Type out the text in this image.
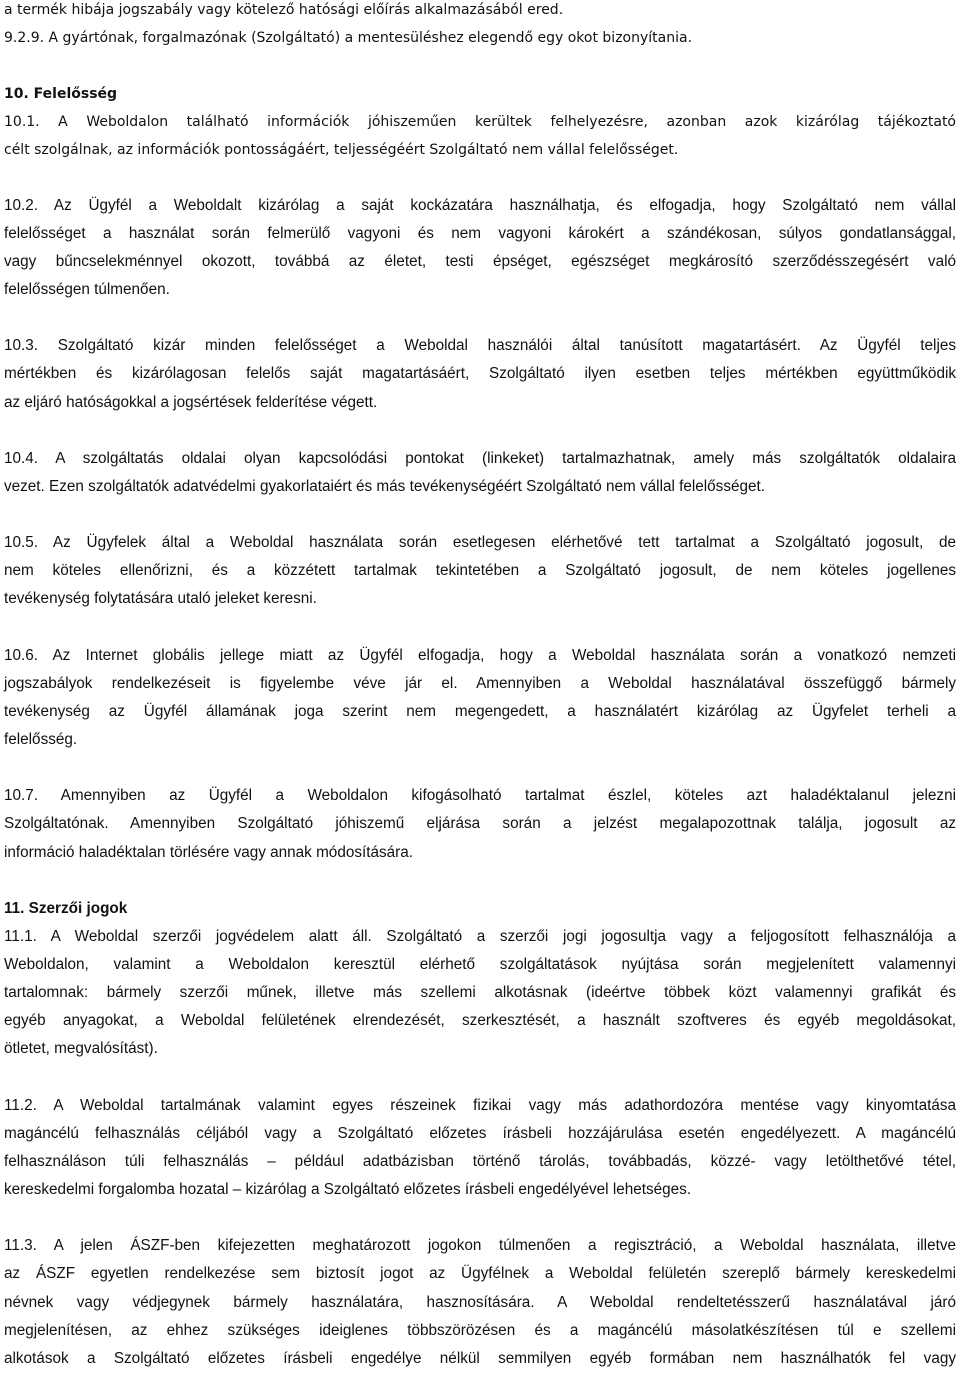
a termék hibája jogszabály vagy kötelező hatósági előírás alkalmazásából ered.
9.2.9. A gyártónak, forgalmazónak (Szolgáltató) a mentesüléshez elegendő egy okot bizonyítania.
10. Felelősség
10.1. A Weboldalon található információk jóhiszeműen kerültek felhelyezésre, azonban azok kizárólag tájékoztató
célt szolgálnak, az információk pontosságáért, teljességéért Szolgáltató nem vállal felelősséget.
10.2. Az Ügyfél a Weboldalt kizárólag a saját kockázatára használhatja, és elfogadja, hogy Szolgáltató nem vállal
felelősséget a használat során felmerülő vagyoni és nem vagyoni károkért a szándékosan, súlyos gondatlansággal,
vagy bűncselekménnyel okozott, továbbá az életet, testi épséget, egészséget megkárosító szerződésszegésért való
felelősségen túlmenően.
10.3. Szolgáltató kizár minden felelősséget a Weboldal használói által tanúsított magatartásért. Az Ügyfél teljes
mértékben és kizárólagosan felelős saját magatartásáért, Szolgáltató ilyen esetben teljes mértékben együttműködik
az eljáró hatóságokkal a jogsértések felderítése végett.
10.4. A szolgáltatás oldalai olyan kapcsolódási pontokat (linkeket) tartalmazhatnak, amely más szolgáltatók oldalaira
vezet. Ezen szolgáltatók adatvédelmi gyakorlataiért és más tevékenységéért Szolgáltató nem vállal felelősséget.
10.5. Az Ügyfelek által a Weboldal használata során esetlegesen elérhetővé tett tartalmat a Szolgáltató jogosult, de
nem köteles ellenőrizni, és a közzétett tartalmak tekintetében a Szolgáltató jogosult, de nem köteles jogellenes
tevékenység folytatására utaló jeleket keresni.
10.6. Az Internet globális jellege miatt az Ügyfél elfogadja, hogy a Weboldal használata során a vonatkozó nemzeti
jogszabályok rendelkezéseit is figyelembe véve jár el. Amennyiben a Weboldal használatával összefüggő bármely
tevékenység az Ügyfél államának joga szerint nem megengedett, a használatért kizárólag az Ügyfelet terheli a
felelősség.
10.7. Amennyiben az Ügyfél a Weboldalon kifogásolható tartalmat észlel, köteles azt haladéktalanul jelezni
Szolgáltatónak. Amennyiben Szolgáltató jóhiszemű eljárása során a jelzést megalapozottnak találja, jogosult az
információ haladéktalan törlésére vagy annak módosítására.
11. Szerzői jogok
11.1. A Weboldal szerzői jogvédelem alatt áll. Szolgáltató a szerzői jogi jogosultja vagy a feljogosított felhasználója a
Weboldalon, valamint a Weboldalon keresztül elérhető szolgáltatások nyújtása során megjelenített valamennyi
tartalomnak: bármely szerzői műnek, illetve más szellemi alkotásnak (ideértve többek közt valamennyi grafikát és
egyéb anyagokat, a Weboldal felületének elrendezését, szerkesztését, a használt szoftveres és egyéb megoldásokat,
ötletet, megvalósítást).
11.2. A Weboldal tartalmának valamint egyes részeinek fizikai vagy más adathordozóra mentése vagy kinyomtatása
magáncélú felhasználás céljából vagy a Szolgáltató előzetes írásbeli hozzájárulása esetén engedélyezett. A magáncélú
felhasználáson túli felhasználás – például adatbázisban történő tárolás, továbbadás, közzé- vagy letölthetővé tétel,
kereskedelmi forgalomba hozatal – kizárólag a Szolgáltató előzetes írásbeli engedélyével lehetséges.
11.3. A jelen ÁSZF-ben kifejezetten meghatározott jogokon túlmenően a regisztráció, a Weboldal használata, illetve
az ÁSZF egyetlen rendelkezése sem biztosít jogot az Ügyfélnek a Weboldal felületén szereplő bármely kereskedelmi
névnek vagy védjegynek bármely használatára, hasznosítására. A Weboldal rendeltetésszerű használatával járó
megjelenítésen, az ehhez szükséges ideiglenes többszörözésen és a magáncélú másolatkészítésen túl e szellemi
alkotások a Szolgáltató előzetes írásbeli engedélye nélkül semmilyen egyéb formában nem használhatók fel vagy
